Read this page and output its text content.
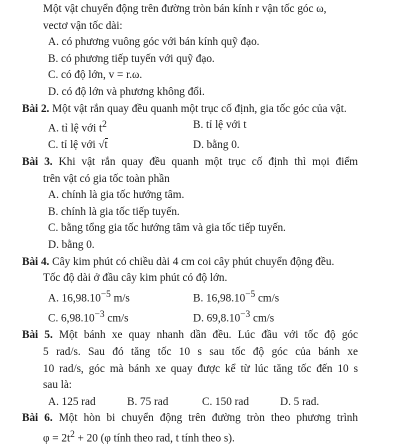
Một vật chuyển động trên đường tròn bán kính r vận tốc góc ω,
vectơ vận tốc dài:
A. có phương vuông góc với bán kính quỹ đạo.
B. có phương tiếp tuyến với quỹ đạo.
C. có độ lớn, v = r.ω.
D. có độ lớn và phương không đổi.
Bài 2. Một vật rắn quay đều quanh một trục cố định, gia tốc góc của vật.
A. tỉ lệ với $t^2$	B. tỉ lệ với t
C. tỉ lệ với √t	D. bằng 0.
Bài 3. Khi vật rắn quay đều quanh một trục cố định thì mọi điểm
trên vật có gia tốc toàn phần
A. chính là gia tốc hướng tâm.
B. chính là gia tốc tiếp tuyến.
C. bằng tổng gia tốc hướng tâm và gia tốc tiếp tuyến.
D. bằng 0.
Bài 4. Cây kim phút có chiều dài 4 cm coi cây phút chuyển động đều.
Tốc độ dài ở đầu cây kim phút có độ lớn.
A. $16,98.10^{-5}$ m/s	B. $16,98.10^{-5}$ cm/s
C. $6,98.10^{-3}$ cm/s	D. $69,8.10^{-3}$ cm/s
Bài 5. Một bánh xe quay nhanh dần đều. Lúc đầu với tốc độ góc
5 rad/s. Sau đó tăng tốc 10 s sau tốc độ góc của bánh xe
10 rad/s, góc mà bánh xe quay được kể từ lúc tăng tốc đến 10 s
sau là:
A. 125 rad	B. 75 rad	C. 150 rad	D. 5 rad.
Bài 6. Một hòn bi chuyển động trên đường tròn theo phương trình
$\varphi = 2t^2 + 20$ (φ tính theo rad, t tính theo s).
